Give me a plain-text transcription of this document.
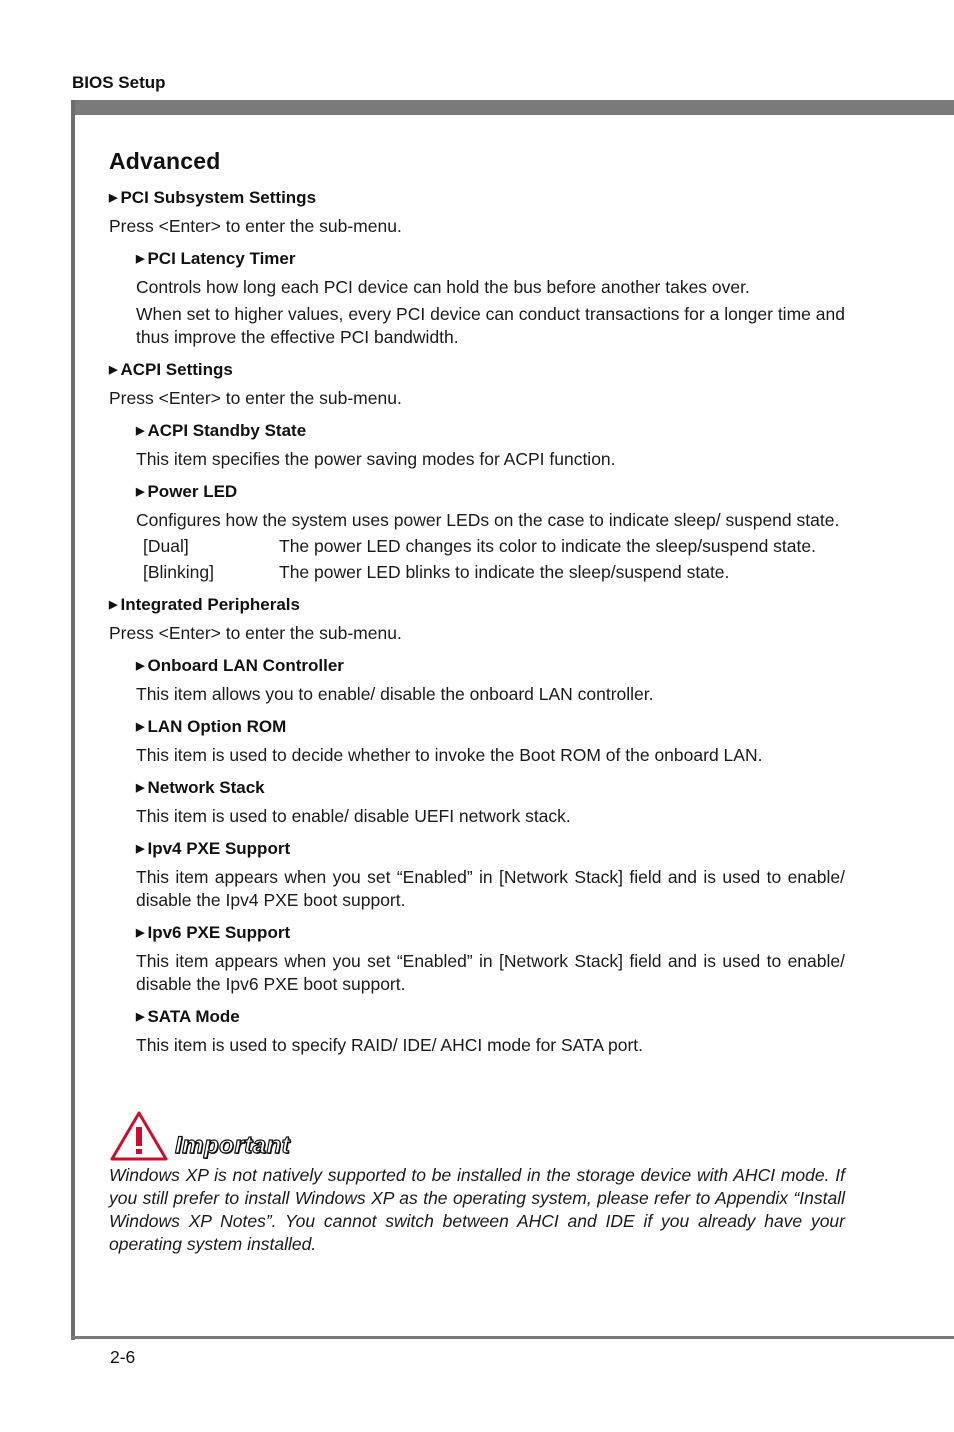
BIOS Setup
Advanced
▶ PCI Subsystem Settings
Press <Enter> to enter the sub-menu.
▶ PCI Latency Timer
Controls how long each PCI device can hold the bus before another takes over.
When set to higher values, every PCI device can conduct transactions for a longer time and thus improve the effective PCI bandwidth.
▶ ACPI Settings
Press <Enter> to enter the sub-menu.
▶ ACPI Standby State
This item specifies the power saving modes for ACPI function.
▶ Power LED
Configures how the system uses power LEDs on the case to indicate sleep/ suspend state.
[Dual]	The power LED changes its color to indicate the sleep/suspend state.
[Blinking]	The power LED blinks to indicate the sleep/suspend state.
▶ Integrated Peripherals
Press <Enter> to enter the sub-menu.
▶ Onboard LAN Controller
This item allows you to enable/ disable the onboard LAN controller.
▶ LAN Option ROM
This item is used to decide whether to invoke the Boot ROM of the onboard LAN.
▶ Network Stack
This item is used to enable/ disable UEFI network stack.
▶ Ipv4 PXE Support
This item appears when you set “Enabled” in [Network Stack] field and is used to enable/ disable the Ipv4 PXE boot support.
▶ Ipv6 PXE Support
This item appears when you set “Enabled” in [Network Stack] field and is used to enable/ disable the Ipv6 PXE boot support.
▶ SATA Mode
This item is used to specify RAID/ IDE/ AHCI mode for SATA port.
Important
Windows XP is not natively supported to be installed in the storage device with AHCI mode. If you still prefer to install Windows XP as the operating system, please refer to Appendix “Install Windows XP Notes”. You cannot switch between AHCI and IDE if you already have your operating system installed.
2-6
